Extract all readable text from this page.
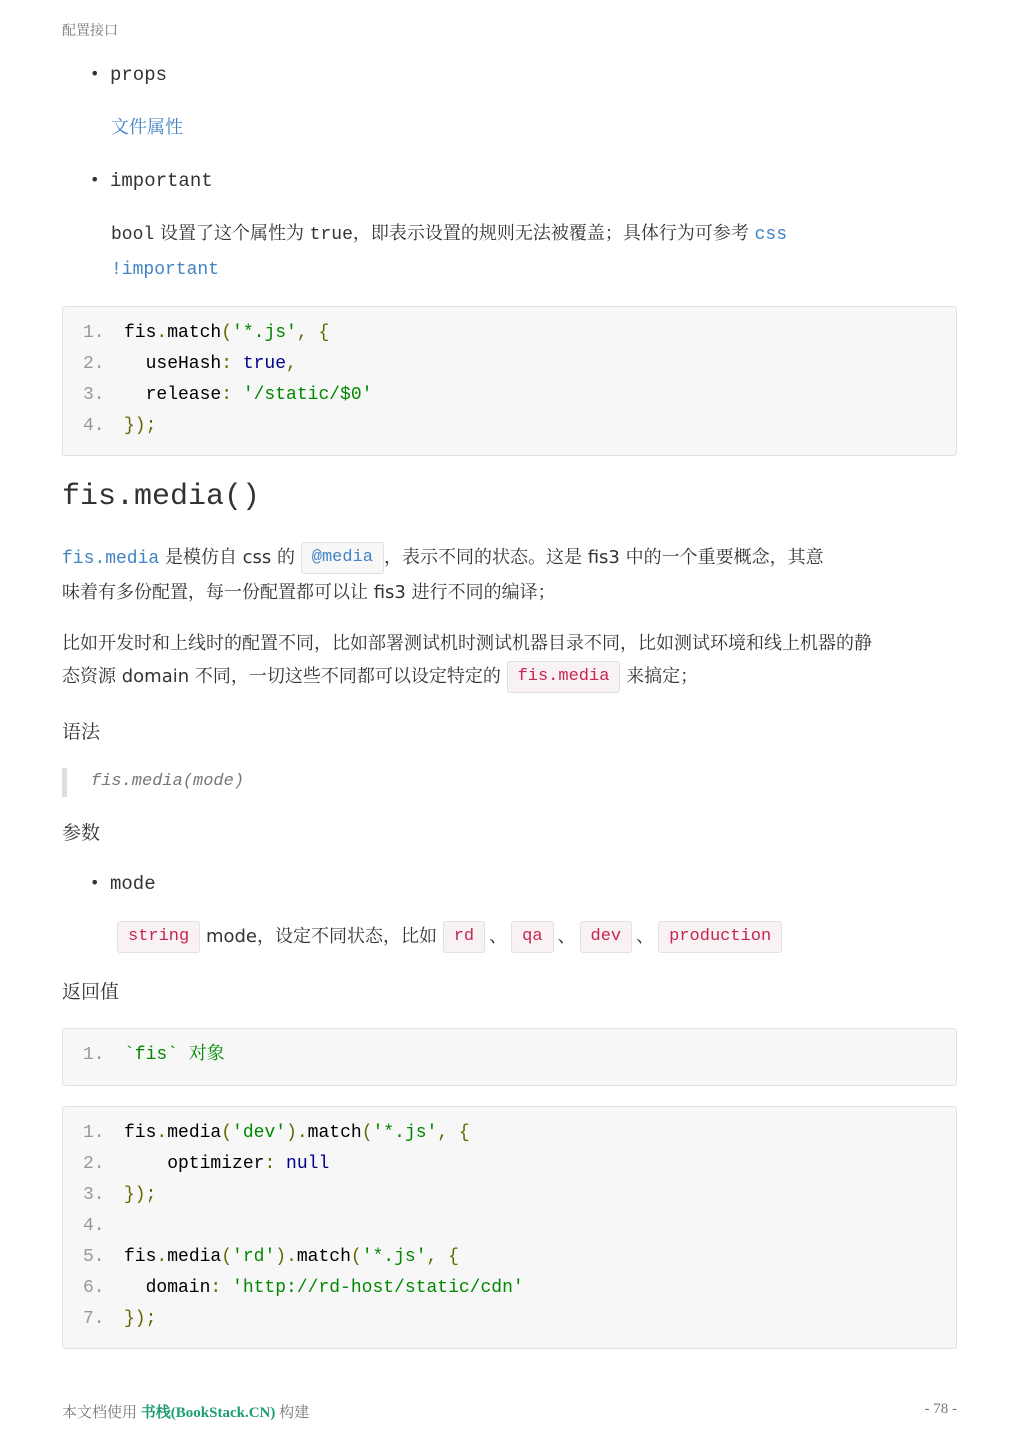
配置接口
• props
文件属性
• important
bool 设置了这个属性为 true，即表示设置的规则无法被覆盖；具体行为可参考 css
!important
1.	fis.match('*.js', {
2.	useHash: true,
3.	release: '/static/$0'
4.	});
fis.media()
fis.media 是模仿自 css 的 @media ，表示不同的状态。这是 fis3 中的一个重要概念，其意
味着有多份配置，每一份配置都可以让 fis3 进行不同的编译；
比如开发时和上线时的配置不同，比如部署测试机时测试机器目录不同，比如测试环境和线上机器的静
态资源 domain 不同，一切这些不同都可以设定特定的 fis.media 来搞定；
语法
fis.media(mode)
参数
• mode
string mode，设定不同状态，比如 rd 、 qa 、 dev 、 production
返回值
1.	`fis` 对象
1.	fis.media('dev').match('*.js', {
2.	optimizer: null
3.	});
4.
5.	fis.media('rd').match('*.js', {
6.	domain: 'http://rd-host/static/cdn'
7.	});
本文档使用 书栈(BookStack.CN) 构建	- 78 -
